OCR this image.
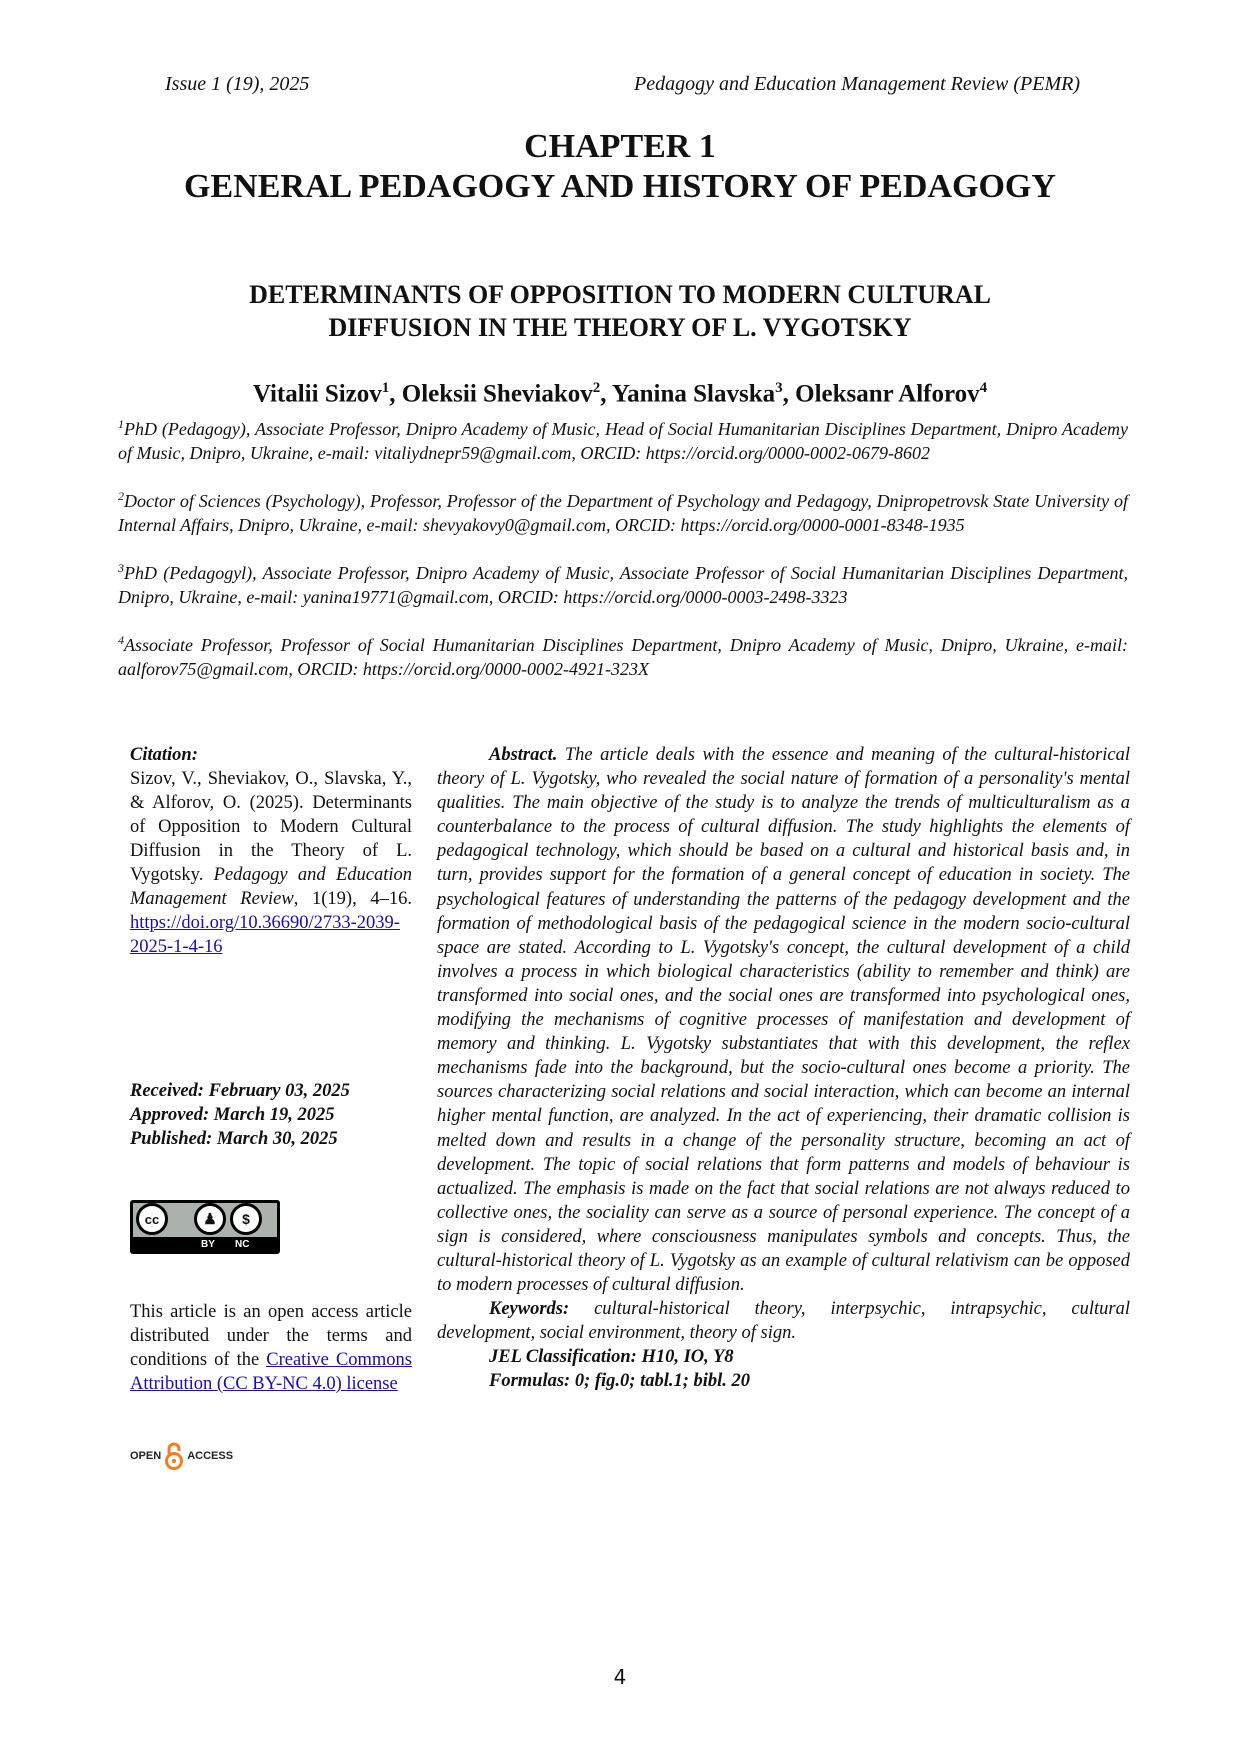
Issue 1 (19), 2025	Pedagogy and Education Management Review (PEMR)
CHAPTER 1
GENERAL PEDAGOGY AND HISTORY OF PEDAGOGY
DETERMINANTS OF OPPOSITION TO MODERN CULTURAL
DIFFUSION IN THE THEORY OF L. VYGOTSKY
Vitalii Sizov$^1$, Oleksii Sheviakov$^2$, Yanina Slavska$^3$, Oleksanr Alforov$^4$
$^1$PhD (Pedagogy), Associate Professor, Dnipro Academy of Music, Head of Social Humanitarian Disciplines Department, Dnipro Academy of Music, Dnipro, Ukraine, e-mail: vitaliydnepr59@gmail.com, ORCID: https://orcid.org/0000-0002-0679-8602
$^2$Doctor of Sciences (Psychology), Professor, Professor of the Department of Psychology and Pedagogy, Dnipropetrovsk State University of Internal Affairs, Dnipro, Ukraine, e-mail: shevyakovy0@gmail.com, ORCID: https://orcid.org/0000-0001-8348-1935
$^3$PhD (Pedagogyl), Associate Professor, Dnipro Academy of Music, Associate Professor of Social Humanitarian Disciplines Department, Dnipro, Ukraine, e-mail: yanina19771@gmail.com, ORCID: https://orcid.org/0000-0003-2498-3323
$^4$Associate Professor, Professor of Social Humanitarian Disciplines Department, Dnipro Academy of Music, Dnipro, Ukraine, e-mail: aalforov75@gmail.com, ORCID: https://orcid.org/0000-0002-4921-323X
Citation:
Sizov, V., Sheviakov, O., Slavska, Y., & Alforov, O. (2025). Determinants of Opposition to Modern Cultural Diffusion in the Theory of L. Vygotsky. Pedagogy and Education Management Review, 1(19), 4–16. https://doi.org/10.36690/2733-2039-2025-1-4-16
Received: February 03, 2025
Approved: March 19, 2025
Published: March 30, 2025
cc	♟	$
BY NC
This article is an open access article distributed under the terms and conditions of the Creative Commons Attribution (CC BY-NC 4.0) license
OPEN ACCESS
Abstract. The article deals with the essence and meaning of the cultural-historical theory of L. Vygotsky, who revealed the social nature of formation of a personality's mental qualities. The main objective of the study is to analyze the trends of multiculturalism as a counterbalance to the process of cultural diffusion. The study highlights the elements of pedagogical technology, which should be based on a cultural and historical basis and, in turn, provides support for the formation of a general concept of education in society. The psychological features of understanding the patterns of the pedagogy development and the formation of methodological basis of the pedagogical science in the modern socio-cultural space are stated. According to L. Vygotsky's concept, the cultural development of a child involves a process in which biological characteristics (ability to remember and think) are transformed into social ones, and the social ones are transformed into psychological ones, modifying the mechanisms of cognitive processes of manifestation and development of memory and thinking. L. Vygotsky substantiates that with this development, the reflex mechanisms fade into the background, but the socio-cultural ones become a priority. The sources characterizing social relations and social interaction, which can become an internal higher mental function, are analyzed. In the act of experiencing, their dramatic collision is melted down and results in a change of the personality structure, becoming an act of development. The topic of social relations that form patterns and models of behaviour is actualized. The emphasis is made on the fact that social relations are not always reduced to collective ones, the sociality can serve as a source of personal experience. The concept of a sign is considered, where consciousness manipulates symbols and concepts. Thus, the cultural-historical theory of L. Vygotsky as an example of cultural relativism can be opposed to modern processes of cultural diffusion.
Keywords: cultural-historical theory, interpsychic, intrapsychic, cultural development, social environment, theory of sign.
JEL Classification: H10, IO, Y8
Formulas: 0; fig.0; tabl.1; bibl. 20
4
